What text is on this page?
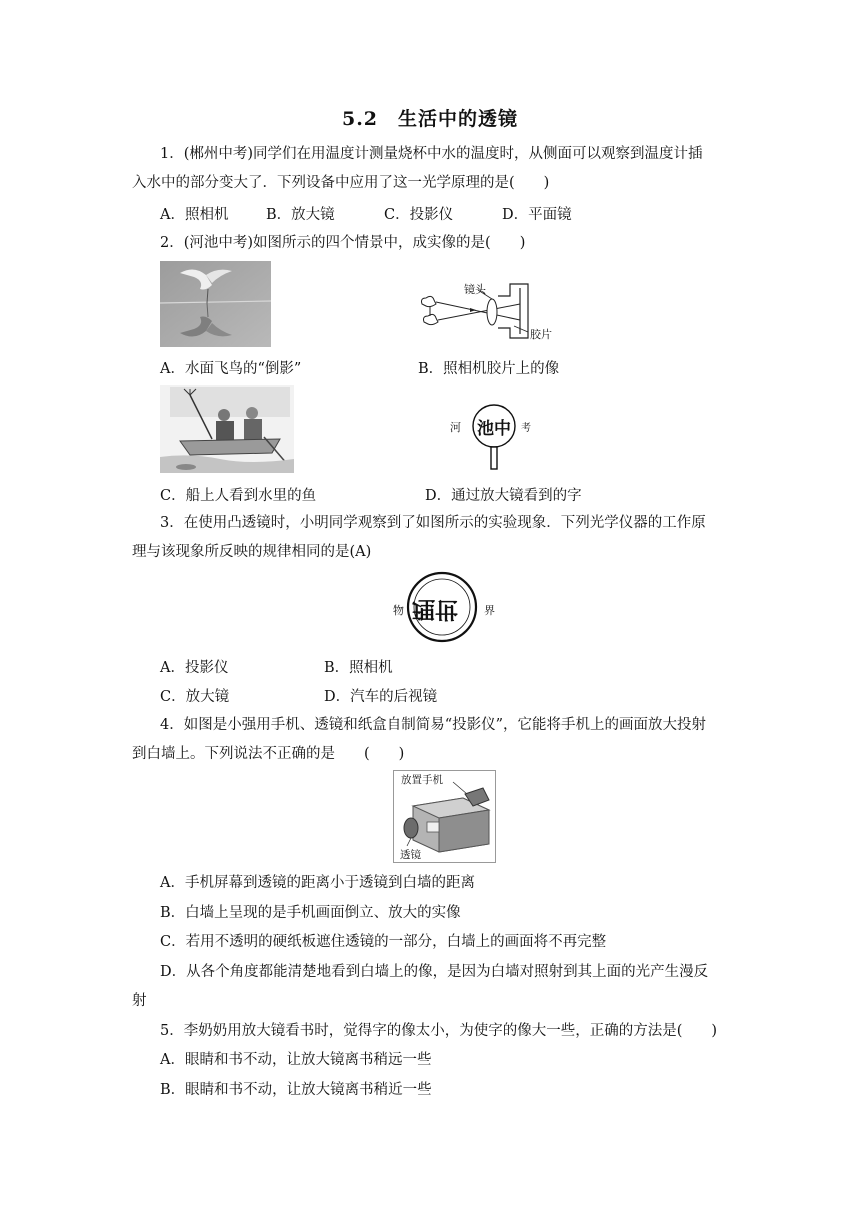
5.2　生活中的透镜
1．(郴州中考)同学们在用温度计测量烧杯中水的温度时，从侧面可以观察到温度计插
入水中的部分变大了．下列设备中应用了这一光学原理的是(　　)
A．照相机	B．放大镜	C．投影仪	D．平面镜
2．(河池中考)如图所示的四个情景中，成实像的是(　　)
镜头
胶片
A．水面飞鸟的“倒影”	B．照相机胶片上的像
河 池中 考
C．船上人看到水里的鱼	D．通过放大镜看到的字
3．在使用凸透镜时，小明同学观察到了如图所示的实验现象．下列光学仪器的工作原
理与该现象所反映的规律相同的是(A)
物 理世 界
A．投影仪	B．照相机
C．放大镜	D．汽车的后视镜
4．如图是小强用手机、透镜和纸盒自制简易“投影仪”，它能将手机上的画面放大投射
到白墙上。下列说法不正确的是　　(　　)
放置手机
透镜
A．手机屏幕到透镜的距离小于透镜到白墙的距离
B．白墙上呈现的是手机画面倒立、放大的实像
C．若用不透明的硬纸板遮住透镜的一部分，白墙上的画面将不再完整
D．从各个角度都能清楚地看到白墙上的像，是因为白墙对照射到其上面的光产生漫反
射
5．李奶奶用放大镜看书时，觉得字的像太小，为使字的像大一些，正确的方法是(　　)
A．眼睛和书不动，让放大镜离书稍远一些
B．眼睛和书不动，让放大镜离书稍近一些
